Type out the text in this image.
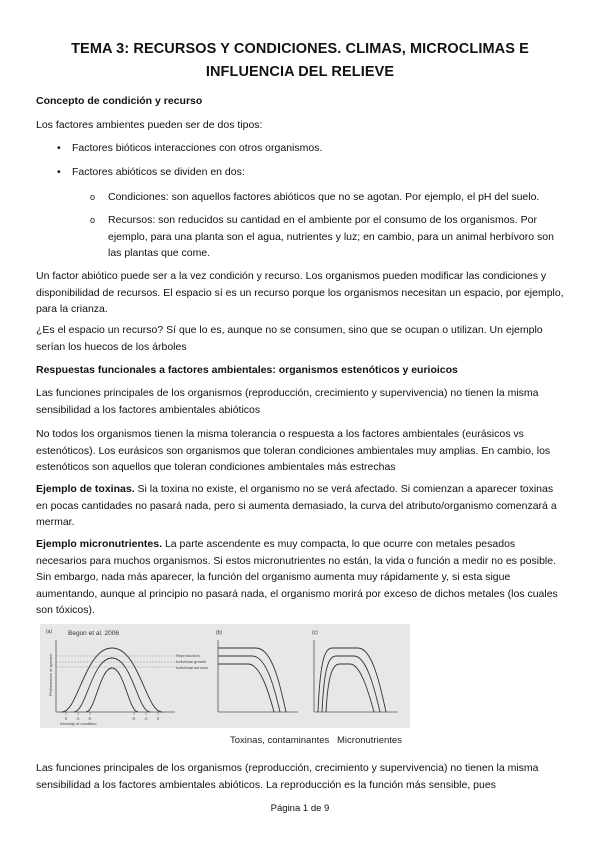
TEMA 3: RECURSOS Y CONDICIONES. CLIMAS, MICROCLIMAS E
INFLUENCIA DEL RELIEVE
Concepto de condición y recurso
Los factores ambientes pueden ser de dos tipos:
• Factores bióticos interacciones con otros organismos.
• Factores abióticos se dividen en dos:
o Condiciones: son aquellos factores abióticos que no se agotan. Por ejemplo, el pH del suelo.
o Recursos: son reducidos su cantidad en el ambiente por el consumo de los organismos. Por ejemplo, para una planta son el agua, nutrientes y luz; en cambio, para un animal herbívoro son las plantas que come.
Un factor abiótico puede ser a la vez condición y recurso. Los organismos pueden modificar las condiciones y disponibilidad de recursos. El espacio sí es un recurso porque los organismos necesitan un espacio, por ejemplo, para la crianza.
¿Es el espacio un recurso? Sí que lo es, aunque no se consumen, sino que se ocupan o utilizan. Un ejemplo serían los huecos de los árboles
Respuestas funcionales a factores ambientales: organismos estenóticos y eurioicos
Las funciones principales de los organismos (reproducción, crecimiento y supervivencia) no tienen la misma sensibilidad a los factores ambientales abióticos
No todos los organismos tienen la misma tolerancia o respuesta a los factores ambientales (eurásicos vs estenóticos). Los eurásicos son organismos que toleran condiciones ambientales muy amplias. En cambio, los estenóticos son aquellos que toleran condiciones ambientales más estrechas
Ejemplo de toxinas. Si la toxina no existe, el organismo no se verá afectado. Si comienzan a aparecer toxinas en pocas cantidades no pasará nada, pero si aumenta demasiado, la curva del atributo/organismo comenzará a mermar.
Ejemplo micronutrientes. La parte ascendente es muy compacta, lo que ocurre con metales pesados necesarios para muchos organismos. Si estos micronutrientes no están, la vida o función a medir no es posible. Sin embargo, nada más aparecer, la función del organismo aumenta muy rápidamente y, si esta sigue aumentando, aunque al principio no pasará nada, el organismo morirá por exceso de dichos metales (los cuales son tóxicos).
(a) Begon et al. 2006
Performance of species
S G R	R G S
Reproduction
Individual growth
Individual survival
Intensity of condition
(b)	(c)
Toxinas, contaminantes Micronutrientes
Las funciones principales de los organismos (reproducción, crecimiento y supervivencia) no tienen la misma sensibilidad a los factores ambientales abióticos. La reproducción es la función más sensible, pues
Página 1 de 9
